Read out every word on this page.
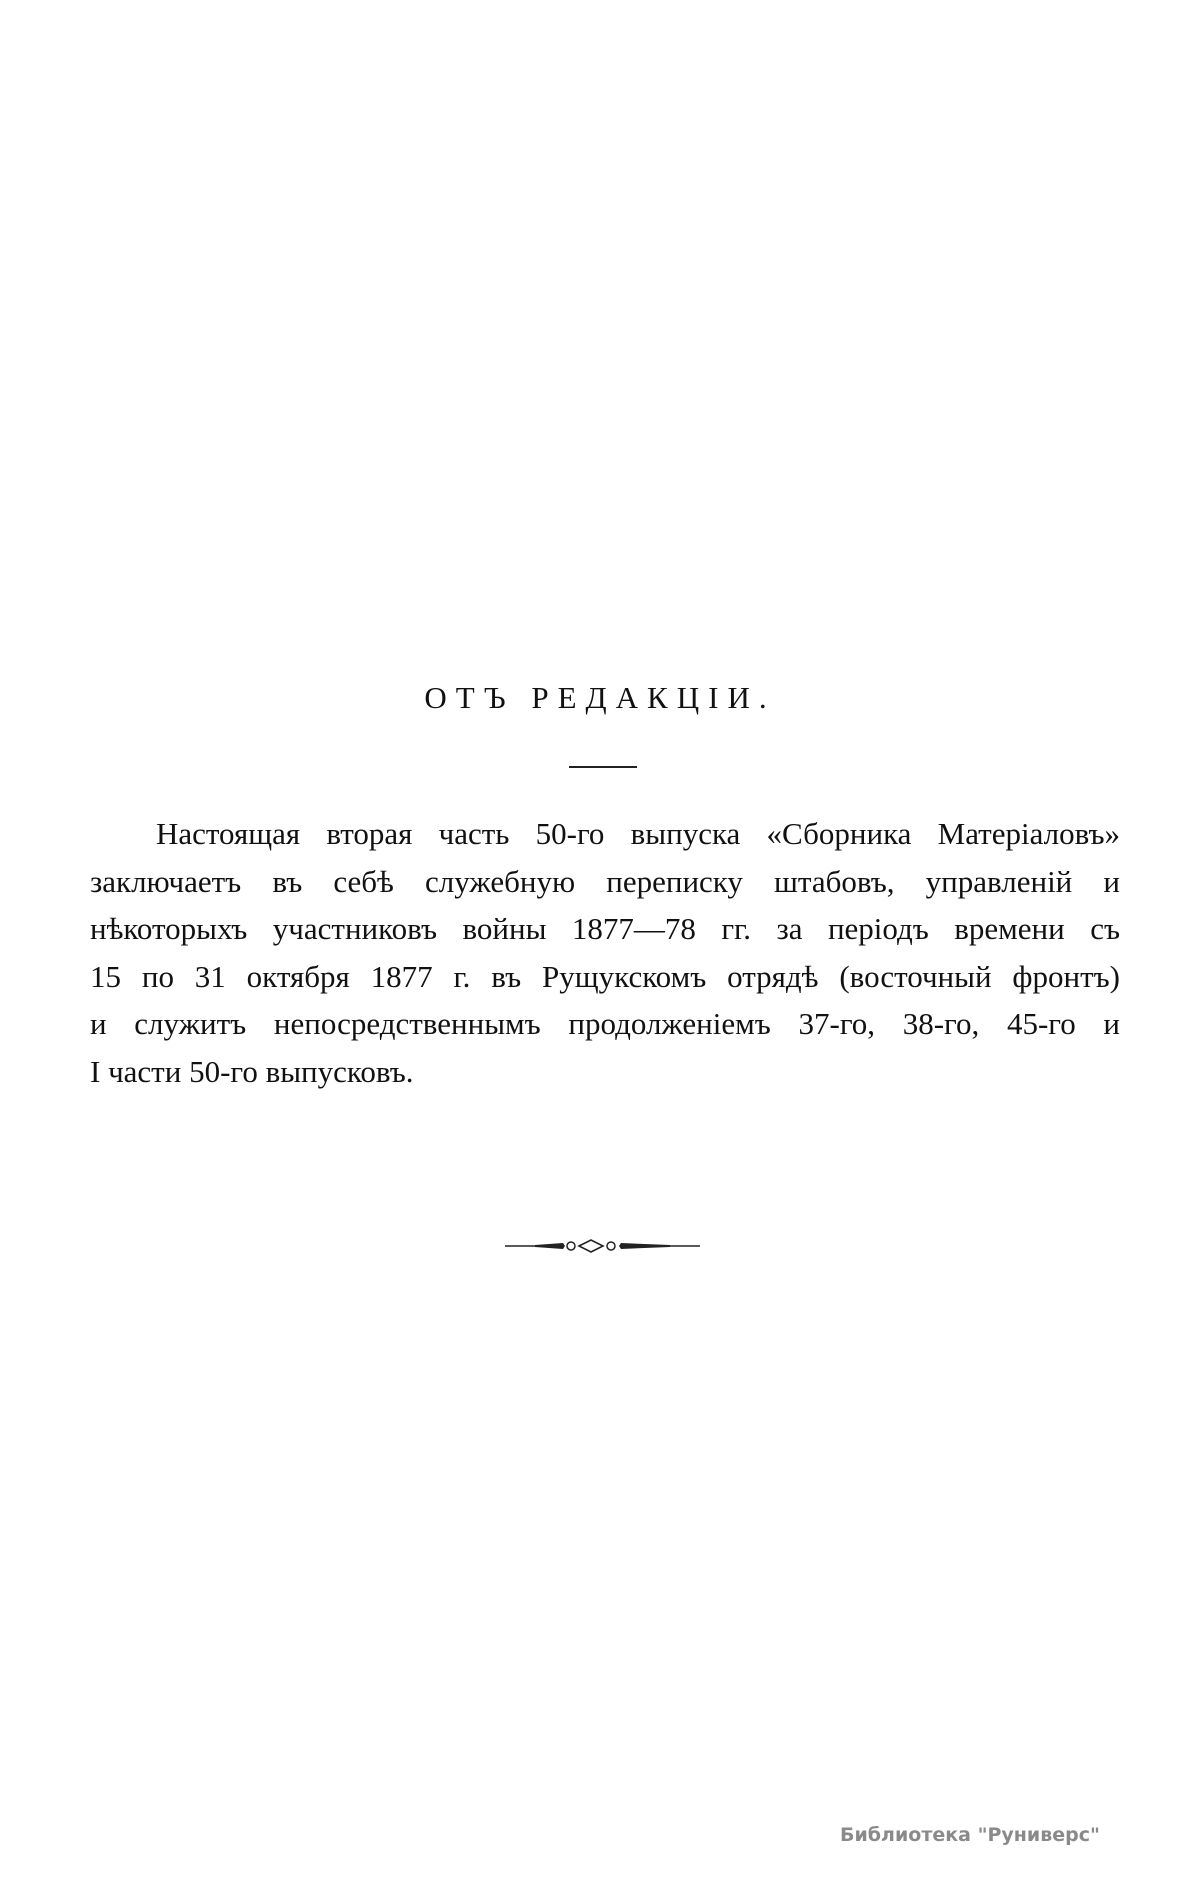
ОТЪ РЕДАКЦІИ.

Настоящая вторая часть 50-го выпуска «Сборника Матеріаловъ»
заключаетъ въ себѣ служебную переписку штабовъ, управленій и
нѣкоторыхъ участниковъ войны 1877—78 гг. за періодъ времени съ
15 по 31 октября 1877 г. въ Рущукскомъ отрядѣ (восточный фронтъ)
и служитъ непосредственнымъ продолженіемъ 37-го, 38-го, 45-го и
I части 50-го выпусковъ.

Библиотека "Руниверс"
